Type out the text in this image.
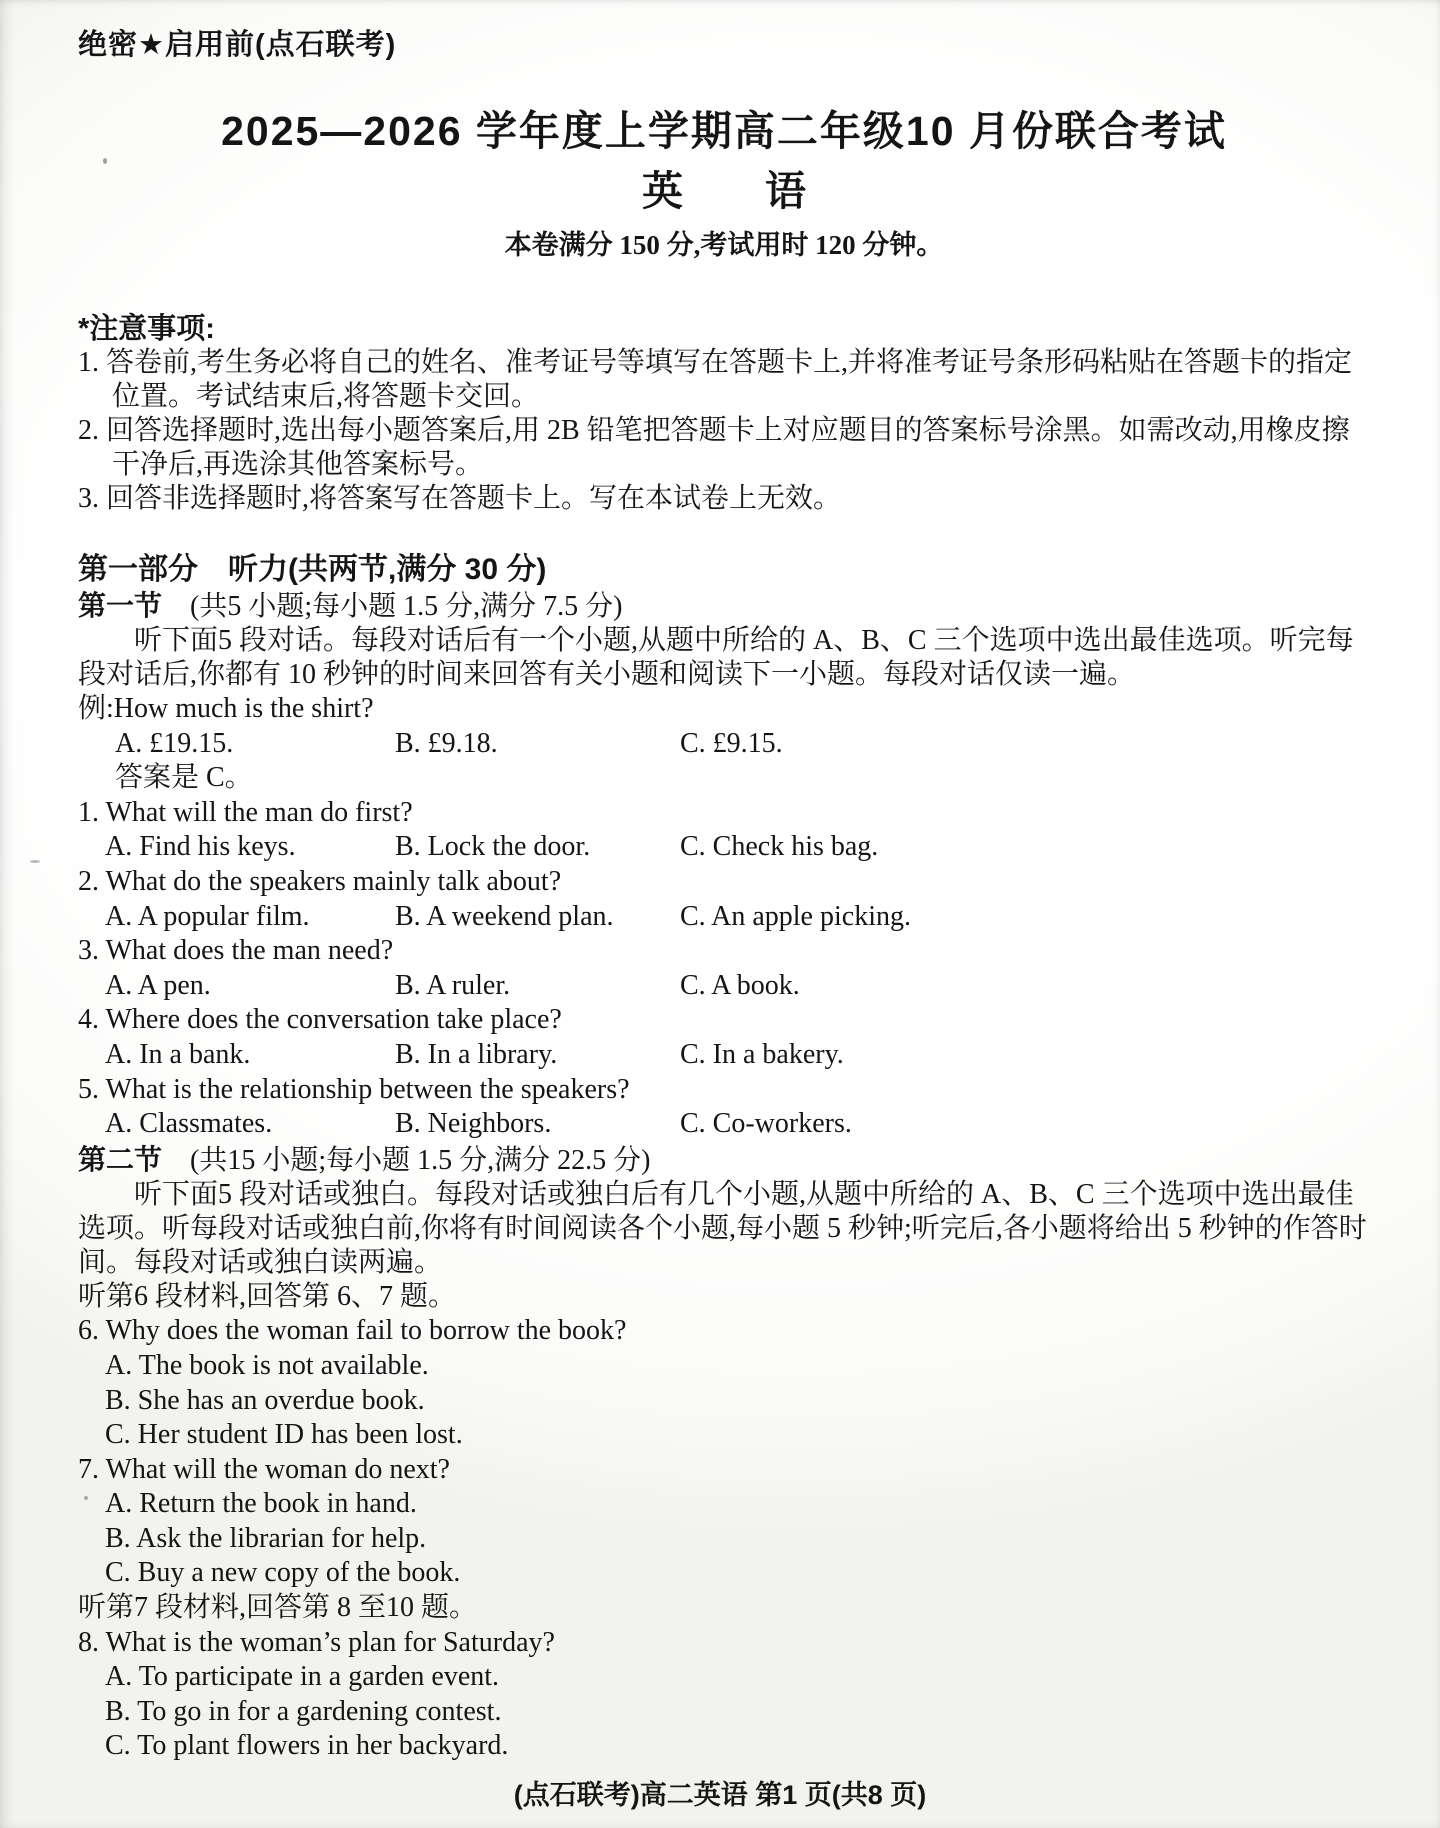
绝密★启用前(点石联考)
2025—2026 学年度上学期高二年级10 月份联合考试
英　　语
本卷满分 150 分,考试用时 120 分钟。
*注意事项:
1. 答卷前,考生务必将自己的姓名、准考证号等填写在答题卡上,并将准考证号条形码粘贴在答题卡的指定位置。考试结束后,将答题卡交回。
2. 回答选择题时,选出每小题答案后,用 2B 铅笔把答题卡上对应题目的答案标号涂黑。如需改动,用橡皮擦干净后,再选涂其他答案标号。
3. 回答非选择题时,将答案写在答题卡上。写在本试卷上无效。
第一部分　听力(共两节,满分 30 分)
第一节　(共5 小题;每小题 1.5 分,满分 7.5 分)
听下面5 段对话。每段对话后有一个小题,从题中所给的 A、B、C 三个选项中选出最佳选项。听完每段对话后,你都有 10 秒钟的时间来回答有关小题和阅读下一小题。每段对话仅读一遍。
例:How much is the shirt?
A. £19.15.	B. £9.18.	C. £9.15.
答案是 C。
1. What will the man do first?
A. Find his keys.	B. Lock the door.	C. Check his bag.
2. What do the speakers mainly talk about?
A. A popular film.	B. A weekend plan.	C. An apple picking.
3. What does the man need?
A. A pen.	B. A ruler.	C. A book.
4. Where does the conversation take place?
A. In a bank.	B. In a library.	C. In a bakery.
5. What is the relationship between the speakers?
A. Classmates.	B. Neighbors.	C. Co-workers.
第二节　(共15 小题;每小题 1.5 分,满分 22.5 分)
听下面5 段对话或独白。每段对话或独白后有几个小题,从题中所给的 A、B、C 三个选项中选出最佳选项。听每段对话或独白前,你将有时间阅读各个小题,每小题 5 秒钟;听完后,各小题将给出 5 秒钟的作答时间。每段对话或独白读两遍。
听第6 段材料,回答第 6、7 题。
6. Why does the woman fail to borrow the book?
A. The book is not available.
B. She has an overdue book.
C. Her student ID has been lost.
7. What will the woman do next?
A. Return the book in hand.
B. Ask the librarian for help.
C. Buy a new copy of the book.
听第7 段材料,回答第 8 至10 题。
8. What is the woman’s plan for Saturday?
A. To participate in a garden event.
B. To go in for a gardening contest.
C. To plant flowers in her backyard.
(点石联考)高二英语 第1 页(共8 页)
